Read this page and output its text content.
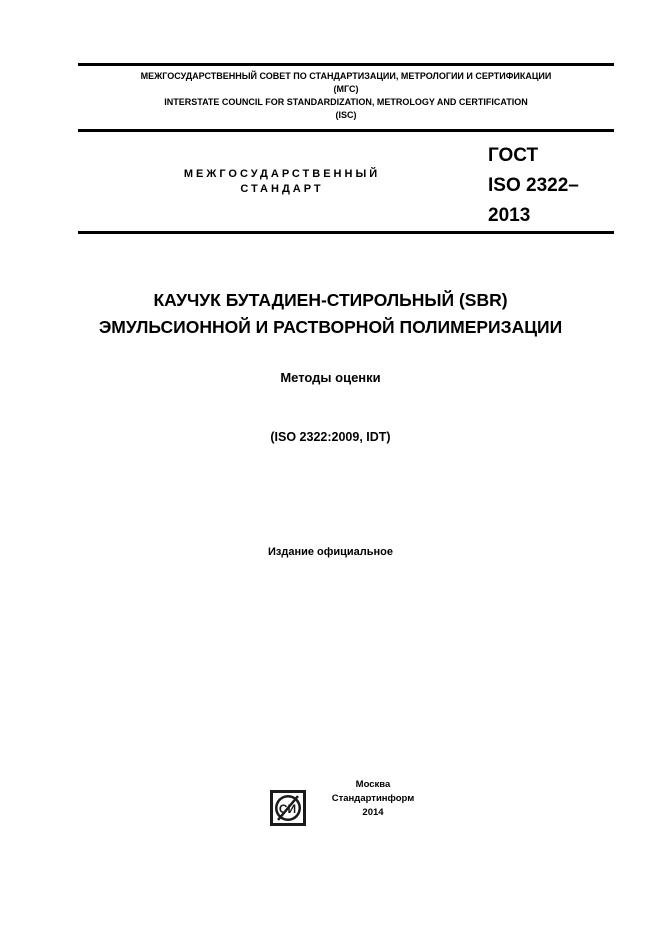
МЕЖГОСУДАРСТВЕННЫЙ СОВЕТ ПО СТАНДАРТИЗАЦИИ, МЕТРОЛОГИИ И СЕРТИФИКАЦИИ
(МГС)
INTERSTATE COUNCIL FOR STANDARDIZATION, METROLOGY AND CERTIFICATION
(ISC)
МЕЖГОСУДАРСТВЕННЫЙ
СТАНДАРТ
ГОСТ
ISO 2322–
2013
КАУЧУК БУТАДИЕН-СТИРОЛЬНЫЙ (SBR)
ЭМУЛЬСИОННОЙ И РАСТВОРНОЙ ПОЛИМЕРИЗАЦИИ
Методы оценки
(ISO 2322:2009, IDT)
Издание официальное
СИ
Москва
Стандартинформ
2014
